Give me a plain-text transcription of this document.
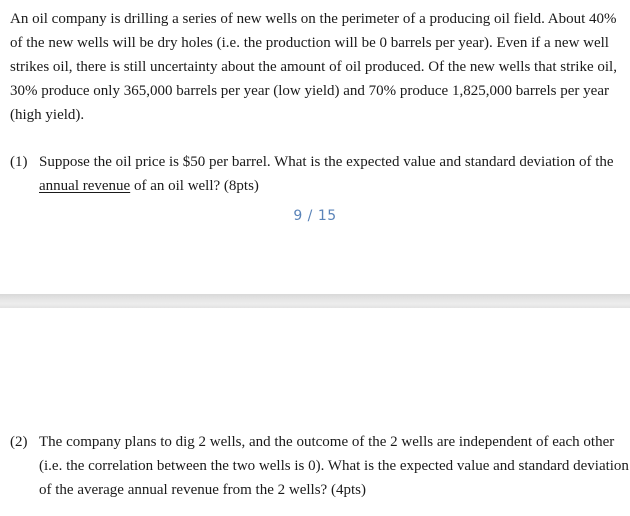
An oil company is drilling a series of new wells on the perimeter of a producing oil field. About 40% of the new wells will be dry holes (i.e. the production will be 0 barrels per year). Even if a new well strikes oil, there is still uncertainty about the amount of oil produced. Of the new wells that strike oil, 30% produce only 365,000 barrels per year (low yield) and 70% produce 1,825,000 barrels per year (high yield).

(1) Suppose the oil price is $50 per barrel. What is the expected value and standard deviation of the annual revenue of an oil well? (8pts)
9 / 15
(2) The company plans to dig 2 wells, and the outcome of the 2 wells are independent of each other (i.e. the correlation between the two wells is 0). What is the expected value and standard deviation of the average annual revenue from the 2 wells? (4pts)
